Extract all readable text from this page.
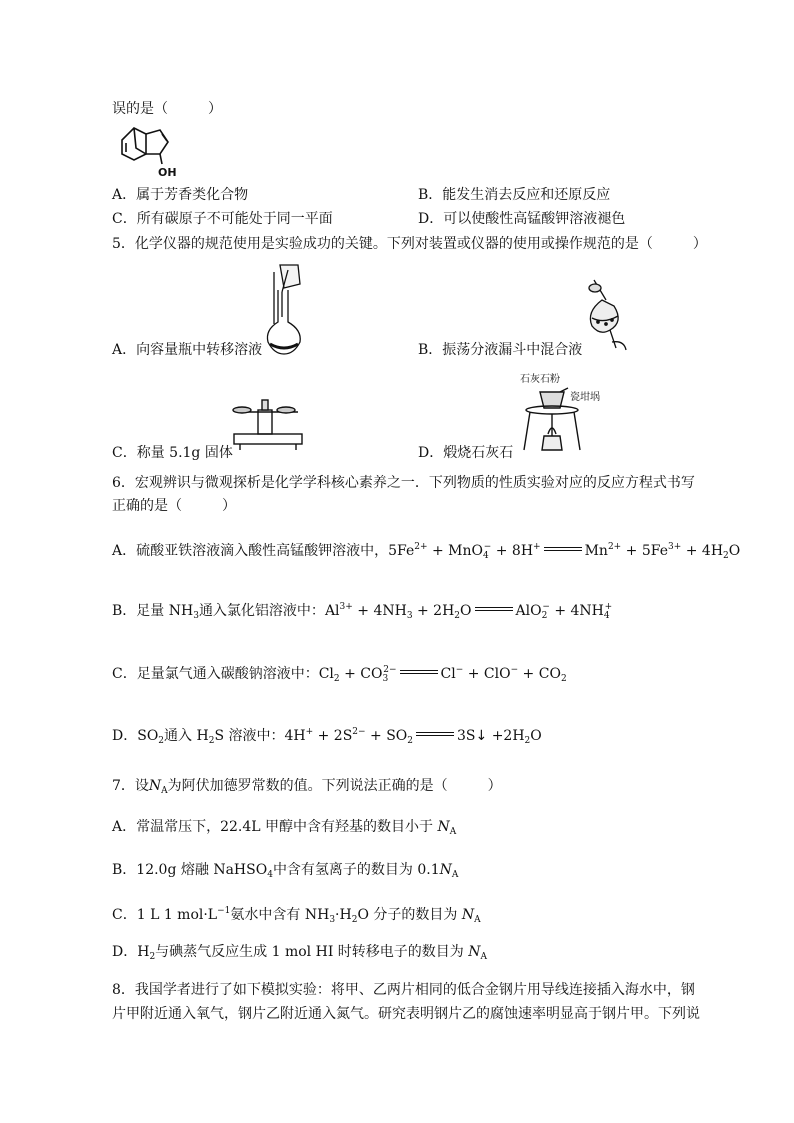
误的是（	）
OH
A．属于芳香类化合物	B．能发生消去反应和还原反应
C．所有碳原子不可能处于同一平面	D．可以使酸性高锰酸钾溶液褪色
5．化学仪器的规范使用是实验成功的关键。下列对装置或仪器的使用或操作规范的是（	）
A．向容量瓶中转移溶液	B．振荡分液漏斗中混合液
C．称量 5.1g 固体
石灰石粉
瓷坩埚
D．煅烧石灰石
6．宏观辨识与微观探析是化学学科核心素养之一．下列物质的性质实验对应的反应方程式书写
正确的是（	）
A．硫酸亚铁溶液滴入酸性高锰酸钾溶液中，$5Fe^{2+} + MnO_4^- + 8H^+$	$Mn^{2+} + 5Fe^{3+} + 4H_2O$
B．足量 $NH_3$通入氯化铝溶液中：$Al^{3+} + 4NH_3 + 2H_2O$	$AlO_2^- + 4NH_4^+$
C．足量氯气通入碳酸钠溶液中：$Cl_2 + CO_3^{2-}$	$Cl^- + ClO^- + CO_2$
D．$SO_2$通入 $H_2S$ 溶液中：$4H^+ + 2S^{2-} + SO_2$	3S↓ $+2H_2O$
7．设$N_A$为阿伏加德罗常数的值。下列说法正确的是（	）
A．常温常压下，22.4L 甲醇中含有羟基的数目小于 $N_A$
B．12.0g 熔融 NaHSO$_4$中含有氢离子的数目为 $0.1N_A$
C．1 L 1 $mol\cdot L^{-1}$氨水中含有 $NH_3\cdot H_2O$ 分子的数目为 $N_A$
D．$H_2$与碘蒸气反应生成 1 mol HI 时转移电子的数目为 $N_A$
8．我国学者进行了如下模拟实验：将甲、乙两片相同的低合金钢片用导线连接插入海水中，钢
片甲附近通入氧气，钢片乙附近通入氮气。研究表明钢片乙的腐蚀速率明显高于钢片甲。下列说
